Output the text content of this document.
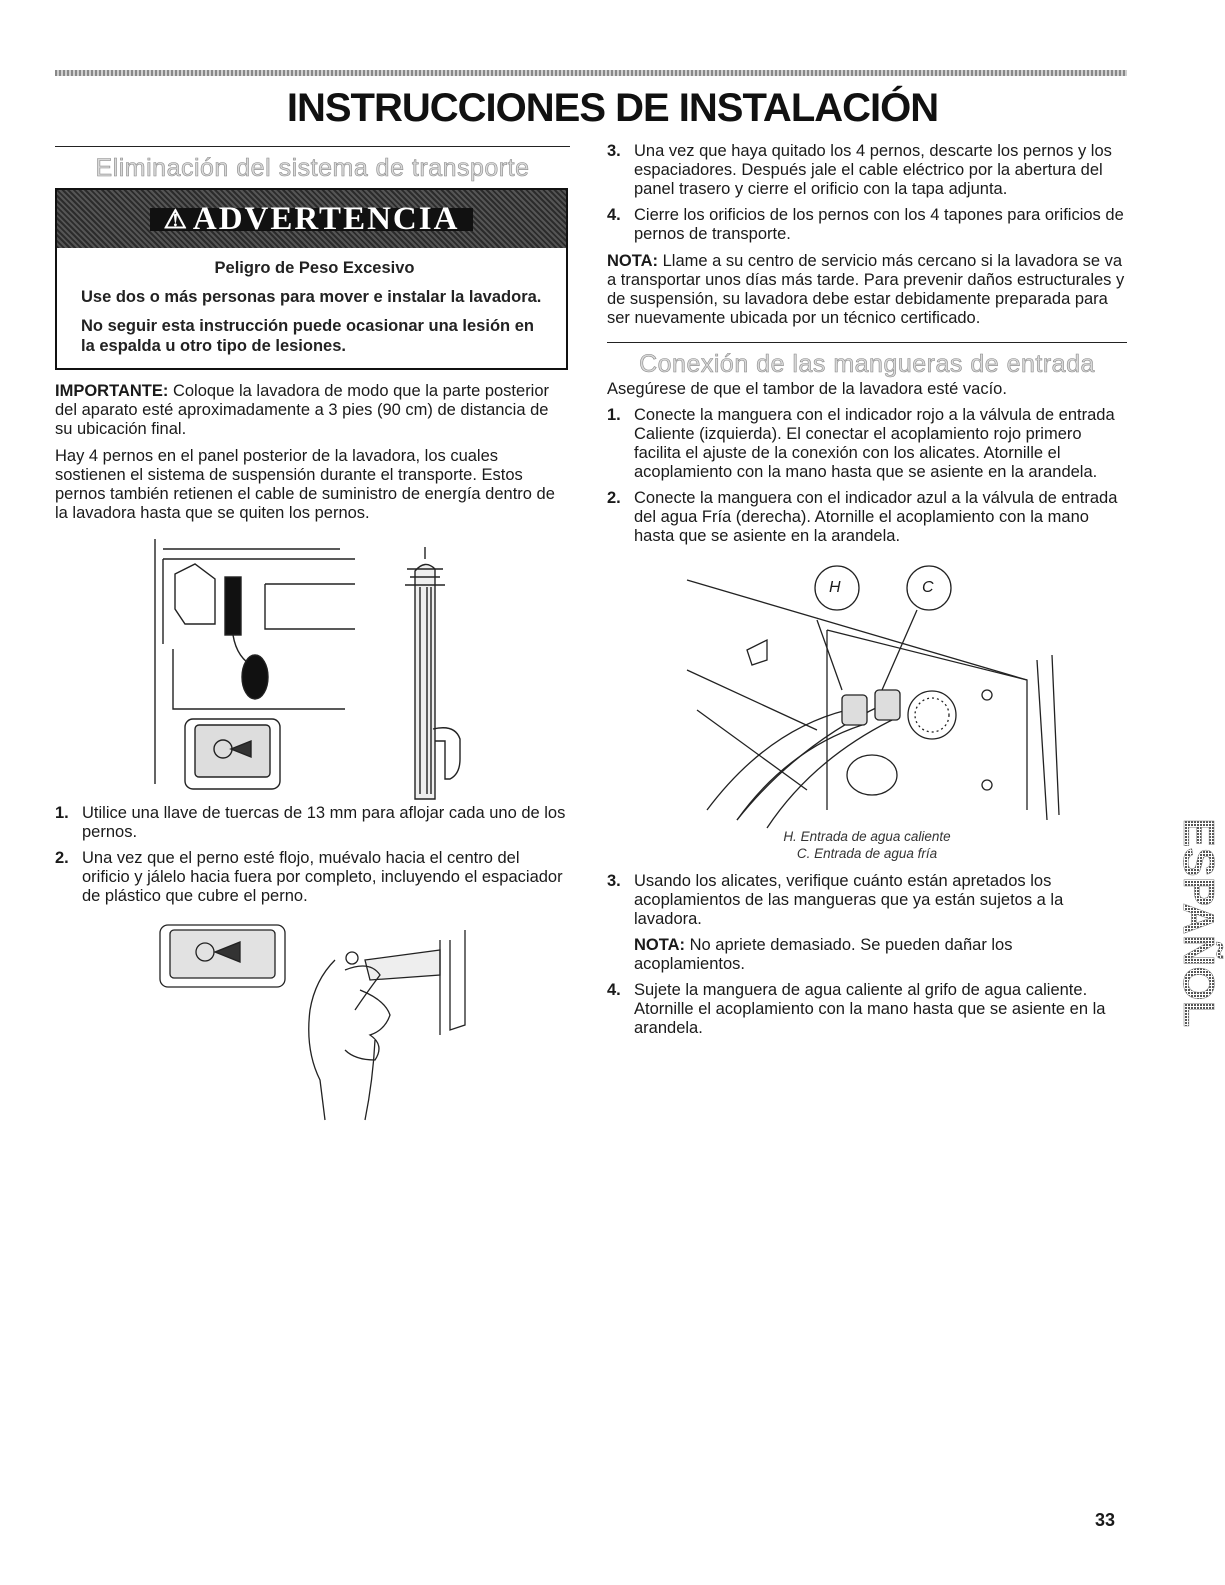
INSTRUCCIONES DE INSTALACIÓN
Eliminación del sistema de transporte
⚠ ADVERTENCIA
Peligro de Peso Excesivo

Use dos o más personas para mover e instalar la lavadora.

No seguir esta instrucción puede ocasionar una lesión en la espalda u otro tipo de lesiones.

IMPORTANTE: Coloque la lavadora de modo que la parte posterior del aparato esté aproximadamente a 3 pies (90 cm) de distancia de su ubicación final.

Hay 4 pernos en el panel posterior de la lavadora, los cuales sostienen el sistema de suspensión durante el transporte. Estos pernos también retienen el cable de suministro de energía dentro de la lavadora hasta que se quiten los pernos.

1. Utilice una llave de tuercas de 13 mm para aflojar cada uno de los pernos.
2. Una vez que el perno esté flojo, muévalo hacia el centro del orificio y jálelo hacia fuera por completo, incluyendo el espaciador de plástico que cubre el perno.
3. Una vez que haya quitado los 4 pernos, descarte los pernos y los espaciadores. Después jale el cable eléctrico por la abertura del panel trasero y cierre el orificio con la tapa adjunta.
4. Cierre los orificios de los pernos con los 4 tapones para orificios de pernos de transporte.

NOTA: Llame a su centro de servicio más cercano si la lavadora se va a transportar unos días más tarde. Para prevenir daños estructurales y de suspensión, su lavadora debe estar debidamente preparada para ser nuevamente ubicada por un técnico certificado.

Conexión de las mangueras de entrada

Asegúrese de que el tambor de la lavadora esté vacío.

1. Conecte la manguera con el indicador rojo a la válvula de entrada Caliente (izquierda). El conectar el acoplamiento rojo primero facilita el ajuste de la conexión con los alicates. Atornille el acoplamiento con la mano hasta que se asiente en la arandela.
2. Conecte la manguera con el indicador azul a la válvula de entrada del agua Fría (derecha). Atornille el acoplamiento con la mano hasta que se asiente en la arandela.
H	C
H. Entrada de agua caliente
C. Entrada de agua fría
3. Usando los alicates, verifique cuánto están apretados los acoplamientos de las mangueras que ya están sujetos a la lavadora.
NOTA: No apriete demasiado. Se pueden dañar los acoplamientos.
4. Sujete la manguera de agua caliente al grifo de agua caliente. Atornille el acoplamiento con la mano hasta que se asiente en la arandela.
ESPAÑOL
33
